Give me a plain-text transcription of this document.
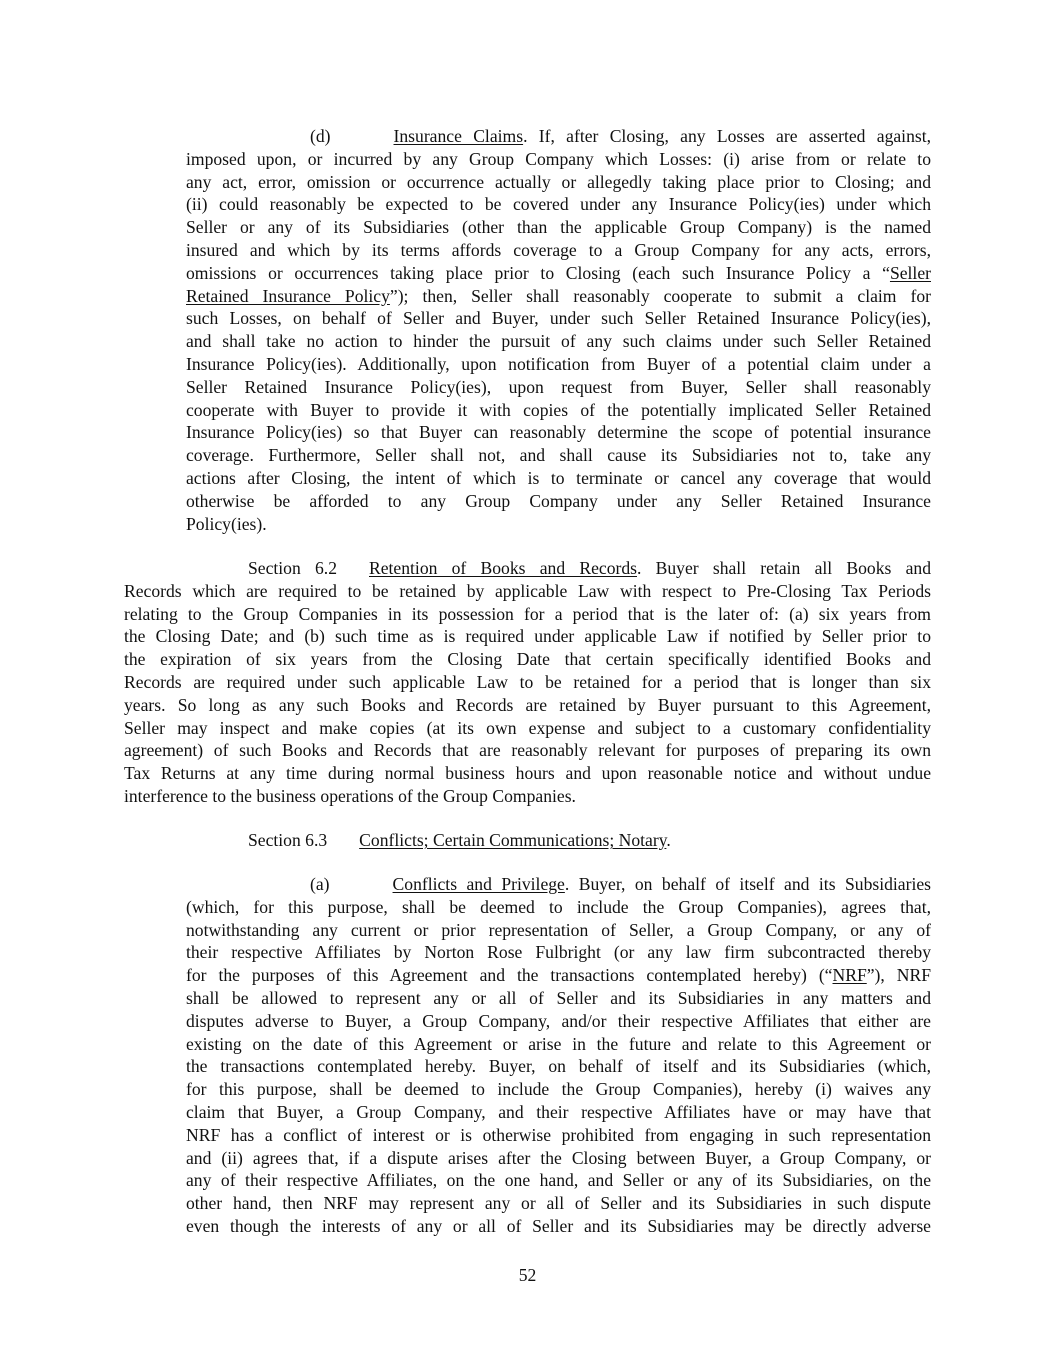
(d)	Insurance Claims. If, after Closing, any Losses are asserted against,
imposed upon, or incurred by any Group Company which Losses: (i) arise from or relate to
any act, error, omission or occurrence actually or allegedly taking place prior to Closing; and
(ii) could reasonably be expected to be covered under any Insurance Policy(ies) under which
Seller or any of its Subsidiaries (other than the applicable Group Company) is the named
insured and which by its terms affords coverage to a Group Company for any acts, errors,
omissions or occurrences taking place prior to Closing (each such Insurance Policy a “Seller
Retained Insurance Policy”); then, Seller shall reasonably cooperate to submit a claim for
such Losses, on behalf of Seller and Buyer, under such Seller Retained Insurance Policy(ies),
and shall take no action to hinder the pursuit of any such claims under such Seller Retained
Insurance Policy(ies). Additionally, upon notification from Buyer of a potential claim under a
Seller Retained Insurance Policy(ies), upon request from Buyer, Seller shall reasonably
cooperate with Buyer to provide it with copies of the potentially implicated Seller Retained
Insurance Policy(ies) so that Buyer can reasonably determine the scope of potential insurance
coverage. Furthermore, Seller shall not, and shall cause its Subsidiaries not to, take any
actions after Closing, the intent of which is to terminate or cancel any coverage that would
otherwise be afforded to any Group Company under any Seller Retained Insurance
Policy(ies).
Section 6.2 Retention of Books and Records. Buyer shall retain all Books and
Records which are required to be retained by applicable Law with respect to Pre-Closing Tax Periods
relating to the Group Companies in its possession for a period that is the later of: (a) six years from
the Closing Date; and (b) such time as is required under applicable Law if notified by Seller prior to
the expiration of six years from the Closing Date that certain specifically identified Books and
Records are required under such applicable Law to be retained for a period that is longer than six
years. So long as any such Books and Records are retained by Buyer pursuant to this Agreement,
Seller may inspect and make copies (at its own expense and subject to a customary confidentiality
agreement) of such Books and Records that are reasonably relevant for purposes of preparing its own
Tax Returns at any time during normal business hours and upon reasonable notice and without undue
interference to the business operations of the Group Companies.
Section 6.3 Conflicts; Certain Communications; Notary.
(a)	Conflicts and Privilege. Buyer, on behalf of itself and its Subsidiaries
(which, for this purpose, shall be deemed to include the Group Companies), agrees that,
notwithstanding any current or prior representation of Seller, a Group Company, or any of
their respective Affiliates by Norton Rose Fulbright (or any law firm subcontracted thereby
for the purposes of this Agreement and the transactions contemplated hereby) (“NRF”), NRF
shall be allowed to represent any or all of Seller and its Subsidiaries in any matters and
disputes adverse to Buyer, a Group Company, and/or their respective Affiliates that either are
existing on the date of this Agreement or arise in the future and relate to this Agreement or
the transactions contemplated hereby. Buyer, on behalf of itself and its Subsidiaries (which,
for this purpose, shall be deemed to include the Group Companies), hereby (i) waives any
claim that Buyer, a Group Company, and their respective Affiliates have or may have that
NRF has a conflict of interest or is otherwise prohibited from engaging in such representation
and (ii) agrees that, if a dispute arises after the Closing between Buyer, a Group Company, or
any of their respective Affiliates, on the one hand, and Seller or any of its Subsidiaries, on the
other hand, then NRF may represent any or all of Seller and its Subsidiaries in such dispute
even though the interests of any or all of Seller and its Subsidiaries may be directly adverse
52
